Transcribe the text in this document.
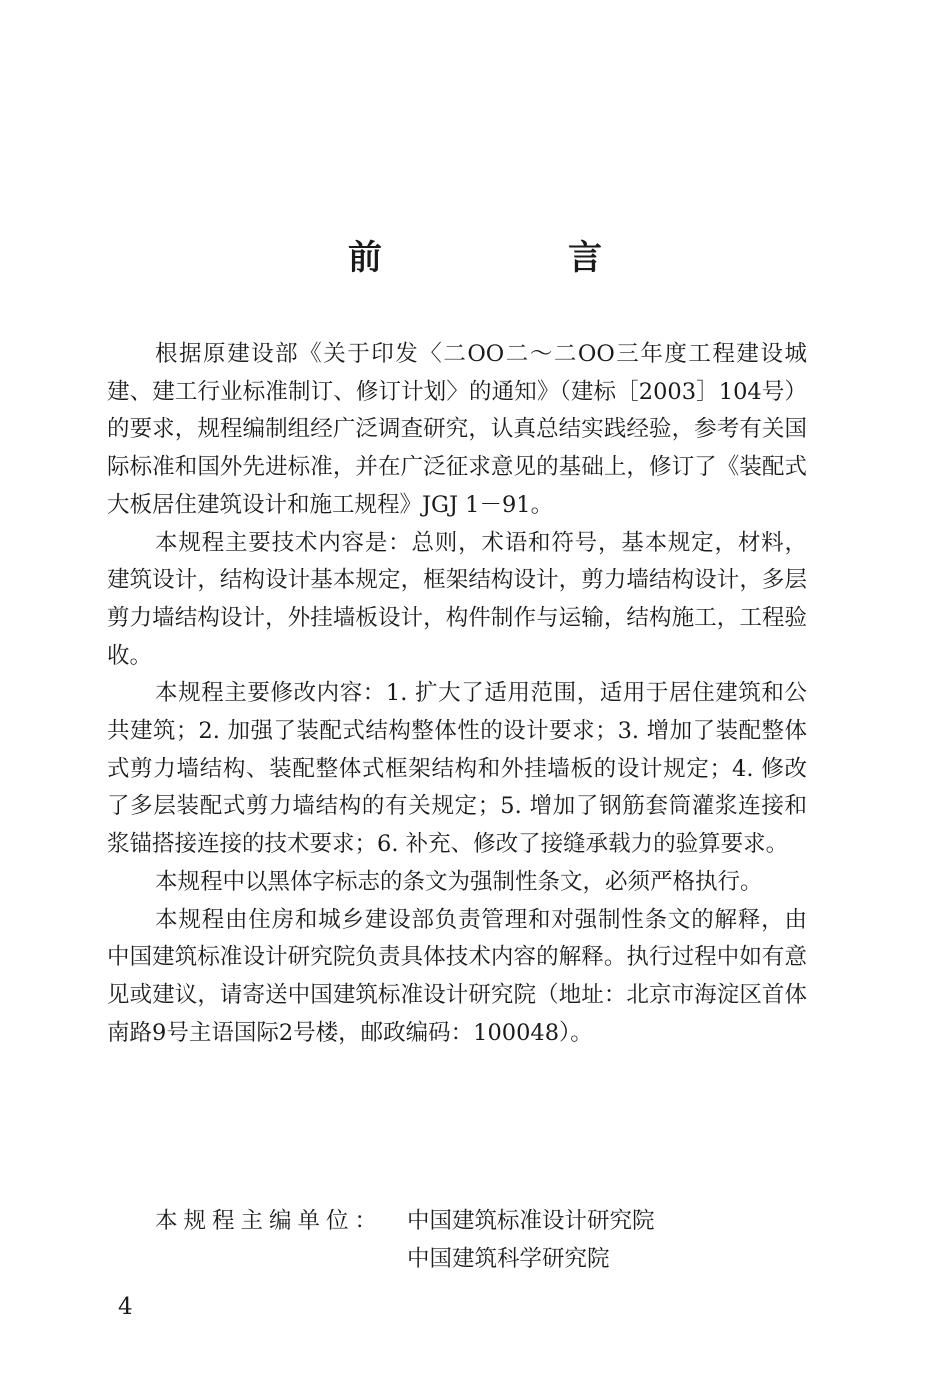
前　言

根据原建设部《关于印发〈二OO二～二OO三年度工程建设城建、建工行业标准制订、修订计划〉的通知》（建标［2003］104号）的要求，规程编制组经广泛调查研究，认真总结实践经验，参考有关国际标准和国外先进标准，并在广泛征求意见的基础上，修订了《装配式大板居住建筑设计和施工规程》JGJ 1－91。

本规程主要技术内容是：总则，术语和符号，基本规定，材料，建筑设计，结构设计基本规定，框架结构设计，剪力墙结构设计，多层剪力墙结构设计，外挂墙板设计，构件制作与运输，结构施工，工程验收。

本规程主要修改内容：1. 扩大了适用范围，适用于居住建筑和公共建筑；2. 加强了装配式结构整体性的设计要求；3. 增加了装配整体式剪力墙结构、装配整体式框架结构和外挂墙板的设计规定；4. 修改了多层装配式剪力墙结构的有关规定；5. 增加了钢筋套筒灌浆连接和浆锚搭接连接的技术要求；6. 补充、修改了接缝承载力的验算要求。

本规程中以黑体字标志的条文为强制性条文，必须严格执行。

本规程由住房和城乡建设部负责管理和对强制性条文的解释，由中国建筑标准设计研究院负责具体技术内容的解释。执行过程中如有意见或建议，请寄送中国建筑标准设计研究院（地址：北京市海淀区首体南路9号主语国际2号楼，邮政编码：100048）。

本规程主编单位：	中国建筑标准设计研究院
中国建筑科学研究院
4
